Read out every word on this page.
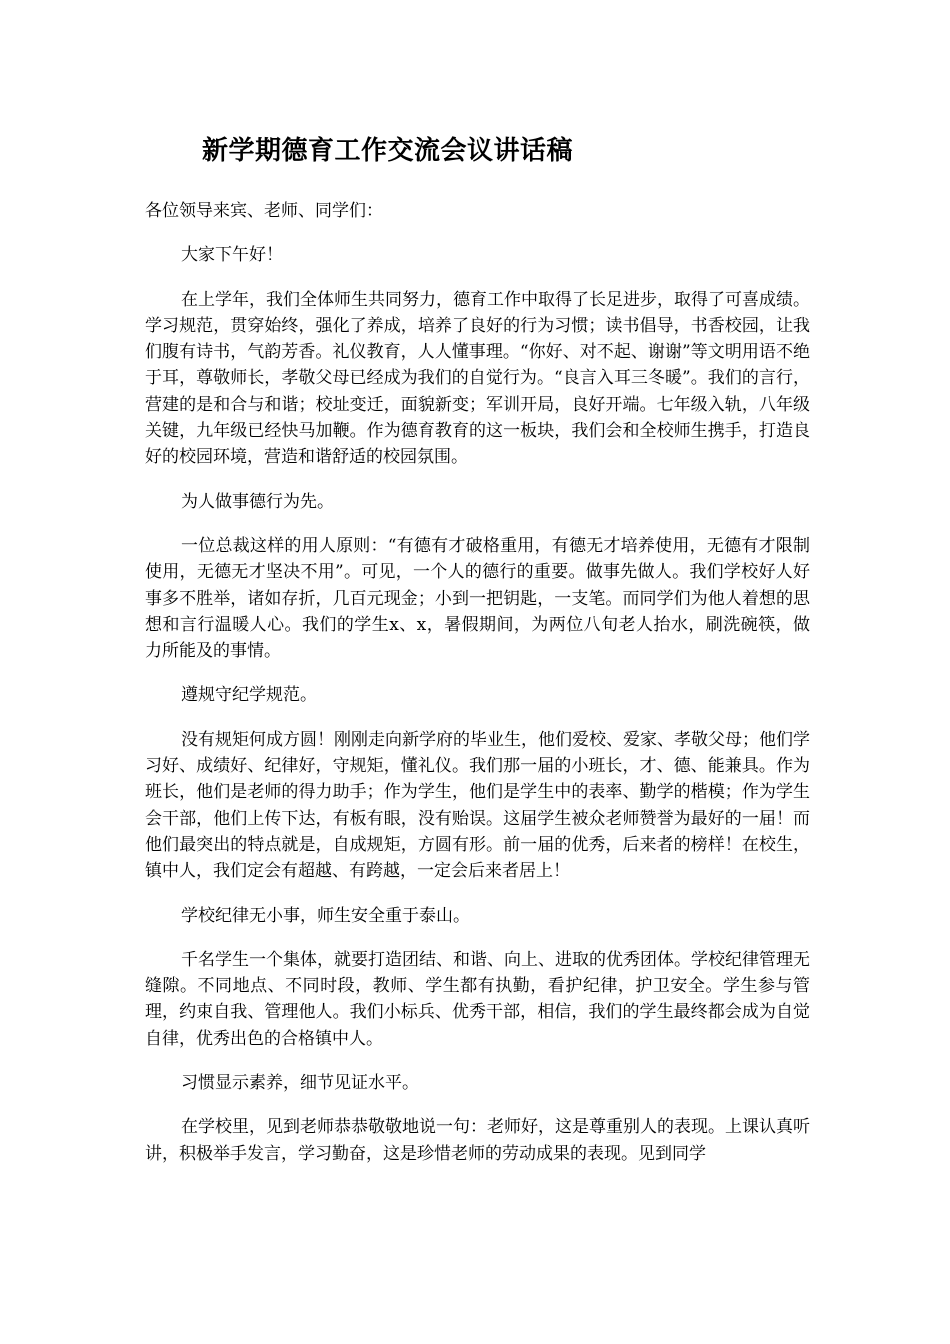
新学期德育工作交流会议讲话稿

各位领导来宾、老师、同学们：

大家下午好！

在上学年，我们全体师生共同努力，德育工作中取得了长足进步，取得了可喜成绩。学习规范，贯穿始终，强化了养成，培养了良好的行为习惯；读书倡导，书香校园，让我们腹有诗书，气韵芳香。礼仪教育，人人懂事理。“你好、对不起、谢谢”等文明用语不绝于耳，尊敬师长，孝敬父母已经成为我们的自觉行为。“良言入耳三冬暖”。我们的言行，营建的是和合与和谐；校址变迁，面貌新变；军训开局，良好开端。七年级入轨，八年级关键，九年级已经快马加鞭。作为德育教育的这一板块，我们会和全校师生携手，打造良好的校园环境，营造和谐舒适的校园氛围。

为人做事德行为先。

一位总裁这样的用人原则：“有德有才破格重用，有德无才培养使用，无德有才限制使用，无德无才坚决不用”。可见，一个人的德行的重要。做事先做人。我们学校好人好事多不胜举，诸如存折，几百元现金；小到一把钥匙，一支笔。而同学们为他人着想的思想和言行温暖人心。我们的学生x、x，暑假期间，为两位八旬老人抬水，刷洗碗筷，做力所能及的事情。

遵规守纪学规范。

没有规矩何成方圆！刚刚走向新学府的毕业生，他们爱校、爱家、孝敬父母；他们学习好、成绩好、纪律好，守规矩，懂礼仪。我们那一届的小班长，才、德、能兼具。作为班长，他们是老师的得力助手；作为学生，他们是学生中的表率、勤学的楷模；作为学生会干部，他们上传下达，有板有眼，没有贻误。这届学生被众老师赞誉为最好的一届！而他们最突出的特点就是，自成规矩，方圆有形。前一届的优秀，后来者的榜样！在校生，镇中人，我们定会有超越、有跨越，一定会后来者居上！

学校纪律无小事，师生安全重于泰山。

千名学生一个集体，就要打造团结、和谐、向上、进取的优秀团体。学校纪律管理无缝隙。不同地点、不同时段，教师、学生都有执勤，看护纪律，护卫安全。学生参与管理，约束自我、管理他人。我们小标兵、优秀干部，相信，我们的学生最终都会成为自觉自律，优秀出色的合格镇中人。

习惯显示素养，细节见证水平。

在学校里，见到老师恭恭敬敬地说一句：老师好，这是尊重别人的表现。上课认真听讲，积极举手发言，学习勤奋，这是珍惜老师的劳动成果的表现。见到同学
